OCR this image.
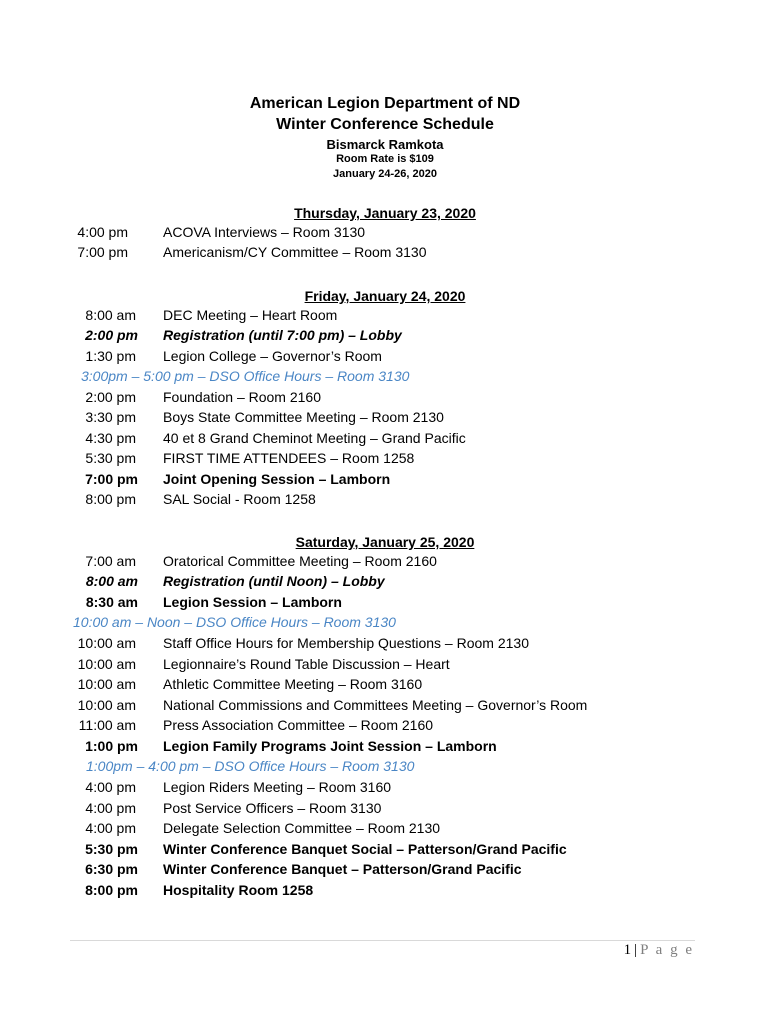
American Legion Department of ND
Winter Conference Schedule
Bismarck Ramkota
Room Rate is $109
January 24-26, 2020
Thursday, January 23, 2020
4:00 pm	ACOVA Interviews – Room 3130
7:00 pm	Americanism/CY Committee – Room 3130
Friday, January 24, 2020
8:00 am DEC Meeting – Heart Room
2:00 pm Registration (until 7:00 pm) – Lobby
1:30 pm Legion College – Governor’s Room
3:00pm – 5:00 pm – DSO Office Hours – Room 3130
2:00 pm Foundation – Room 2160
3:30 pm Boys State Committee Meeting – Room 2130
4:30 pm 40 et 8 Grand Cheminot Meeting – Grand Pacific
5:30 pm FIRST TIME ATTENDEES – Room 1258
7:00 pm Joint Opening Session – Lamborn
8:00 pm SAL Social - Room 1258
Saturday, January 25, 2020
7:00 am Oratorical Committee Meeting – Room 2160
8:00 am Registration (until Noon) – Lobby
8:30 am Legion Session – Lamborn
10:00 am – Noon – DSO Office Hours – Room 3130
10:00 am Staff Office Hours for Membership Questions – Room 2130
10:00 am Legionnaire’s Round Table Discussion – Heart
10:00 am Athletic Committee Meeting – Room 3160
10:00 am National Commissions and Committees Meeting – Governor’s Room
11:00 am Press Association Committee – Room 2160
1:00 pm Legion Family Programs Joint Session – Lamborn
1:00pm – 4:00 pm – DSO Office Hours – Room 3130
4:00 pm Legion Riders Meeting – Room 3160
4:00 pm Post Service Officers – Room 3130
4:00 pm Delegate Selection Committee – Room 2130
5:30 pm Winter Conference Banquet Social – Patterson/Grand Pacific
6:30 pm Winter Conference Banquet – Patterson/Grand Pacific
8:00 pm Hospitality Room 1258
1 | P a g e
